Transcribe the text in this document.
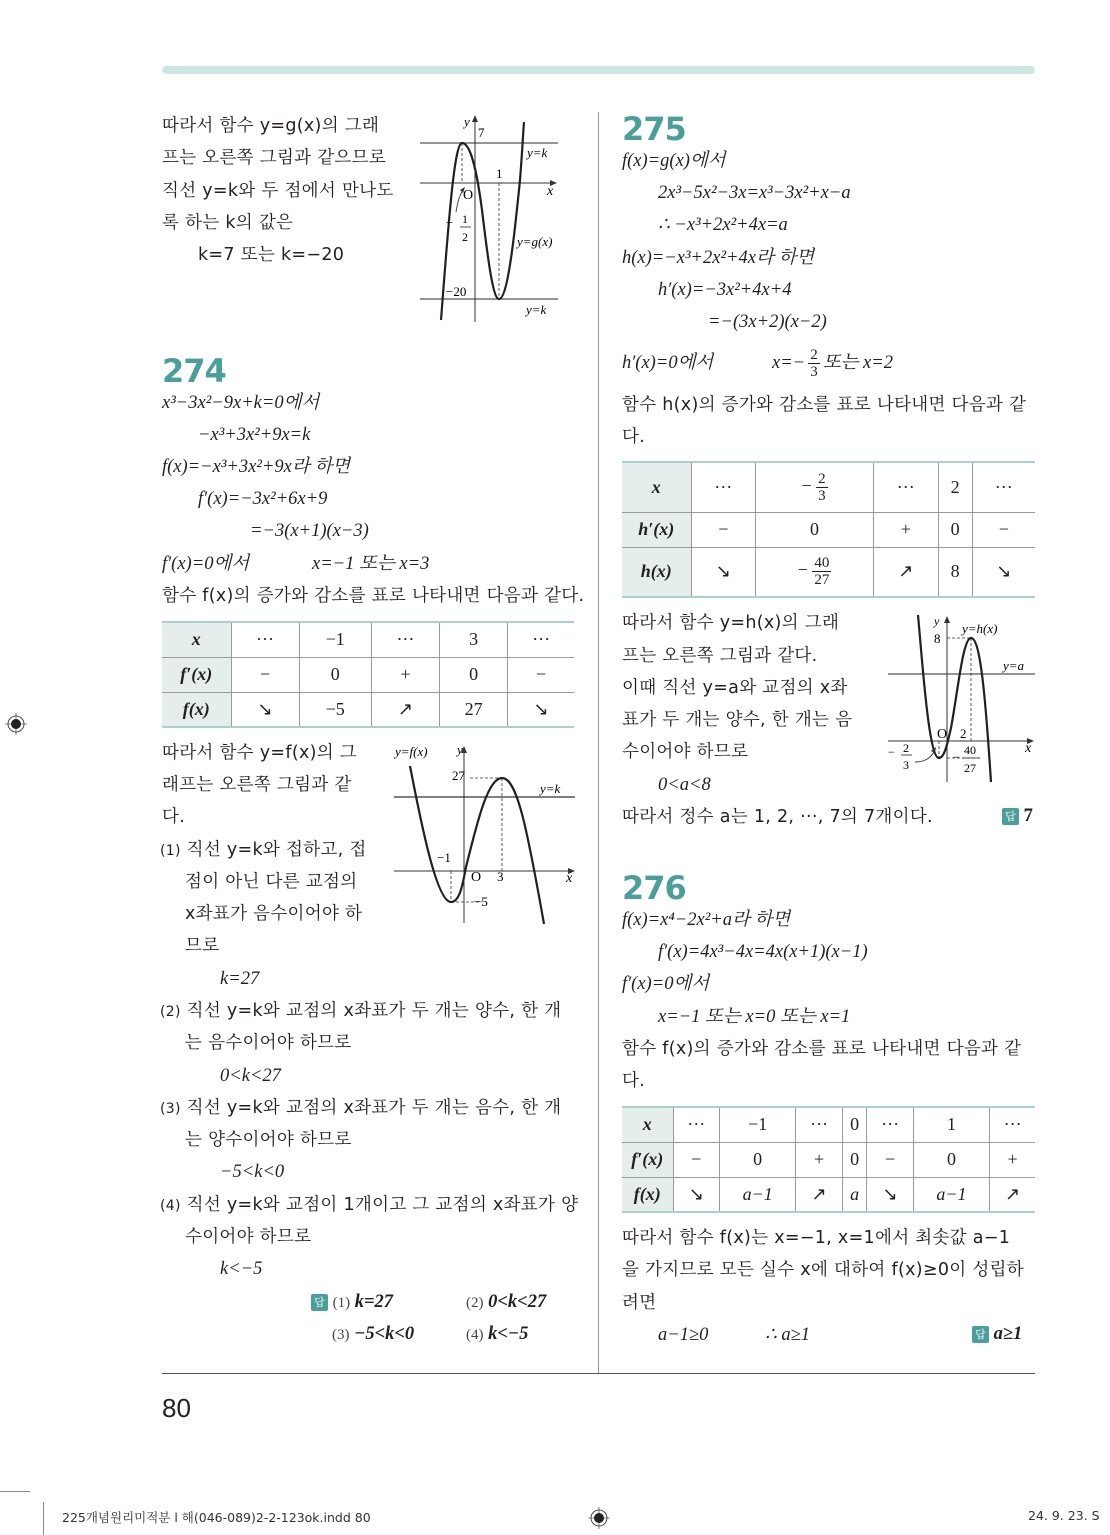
따라서 함수 y=g(x)의 그래
프는 오른쪽 그림과 같으므로
직선 y=k와 두 점에서 만나도
록 하는 k의 값은
k=7 또는 k=−20
y
7
y=k
1
x
O
− 1
2	y=g(x)
−20
y=k
274
x³−3x²−9x+k=0에서
−x³+3x²+9x=k
f(x)=−x³+3x²+9x라 하면
f′(x)=−3x²+6x+9
=−3(x+1)(x−3)
f′(x)=0에서	x=−1 또는 x=3
함수 f(x)의 증가와 감소를 표로 나타내면 다음과 같다.
x	···	−1	···	3	···
f′(x)	−	0	+	0	−
f(x)	↘	−5	↗	27	↘
따라서 함수 y=f(x)의 그
래프는 오른쪽 그림과 같
다.
y=f(x) y
27
y=k
−1
O 3	x
−5
(1) 직선 y=k와 접하고, 접
점이 아닌 다른 교점의
x좌표가 음수이어야 하
므로
k=27
(2) 직선 y=k와 교점의 x좌표가 두 개는 양수, 한 개
는 음수이어야 하므로
0<k<27
(3) 직선 y=k와 교점의 x좌표가 두 개는 음수, 한 개
는 양수이어야 하므로
−5<k<0
(4) 직선 y=k와 교점이 1개이고 그 교점의 x좌표가 양
수이어야 하므로
k<−5
답 (1) k=27	(2) 0<k<27
(3) −5<k<0	(4) k<−5
275
f(x)=g(x)에서
2x³−5x²−3x=x³−3x²+x−a
∴ −x³+2x²+4x=a
h(x)=−x³+2x²+4x라 하면
h′(x)=−3x²+4x+4
=−(3x+2)(x−2)
h′(x)=0에서	$x=- \frac{2}{3}$ 또는 x=2
함수 h(x)의 증가와 감소를 표로 나타내면 다음과 같
다.
x	···	− $\frac{2}{3}$	···	2	···
h′(x)	−	0	+	0	−
h(x)	↘	− $\frac{40}{27}$	↗	8	↘
따라서 함수 y=h(x)의 그래
프는 오른쪽 그림과 같다.
이때 직선 y=a와 교점의 x좌
표가 두 개는 양수, 한 개는 음
수이어야 하므로
0<a<8
따라서 정수 a는 1, 2, ···, 7의 7개이다.	답 7
y y=h(x)
8
y=a
O 2
x
− 2
3
− 40
27
276
f(x)=x⁴−2x²+a라 하면
f′(x)=4x³−4x=4x(x+1)(x−1)
f′(x)=0에서
x=−1 또는 x=0 또는 x=1
함수 f(x)의 증가와 감소를 표로 나타내면 다음과 같
다.
x	···	−1	···	0	···	1	···
f′(x)	−	0	+	0	−	0	+
f(x)	↘	a−1	↗	a	↘	a−1	↗
따라서 함수 f(x)는 x=−1, x=1에서 최솟값 a−1
을 가지므로 모든 실수 x에 대하여 f(x)≥0이 성립하
려면
a−1≥0	∴ a≥1	답 a≥1
80
225개념원리미적분 l 해(046-089)2-2-123ok.indd 80	24. 9. 23. S
